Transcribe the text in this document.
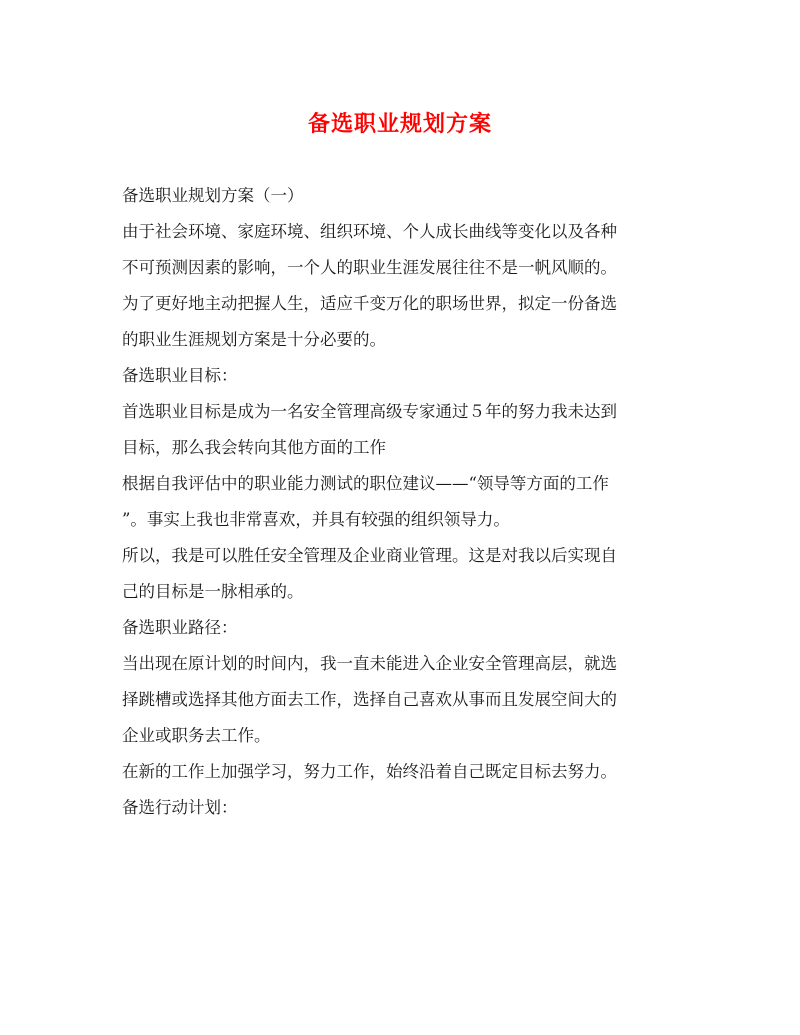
备选职业规划方案
备选职业规划方案（一）
由于社会环境、家庭环境、组织环境、个人成长曲线等变化以及各种
不可预测因素的影响，一个人的职业生涯发展往往不是一帆风顺的。
为了更好地主动把握人生，适应千变万化的职场世界，拟定一份备选
的职业生涯规划方案是十分必要的。
备选职业目标：
首选职业目标是成为一名安全管理高级专家通过５年的努力我未达到
目标，那么我会转向其他方面的工作
根据自我评估中的职业能力测试的职位建议——“领导等方面的工作
”。事实上我也非常喜欢，并具有较强的组织领导力。
所以，我是可以胜任安全管理及企业商业管理。这是对我以后实现自
己的目标是一脉相承的。
备选职业路径：
当出现在原计划的时间内，我一直未能进入企业安全管理高层，就选
择跳槽或选择其他方面去工作，选择自己喜欢从事而且发展空间大的
企业或职务去工作。
在新的工作上加强学习，努力工作，始终沿着自己既定目标去努力。
备选行动计划：
